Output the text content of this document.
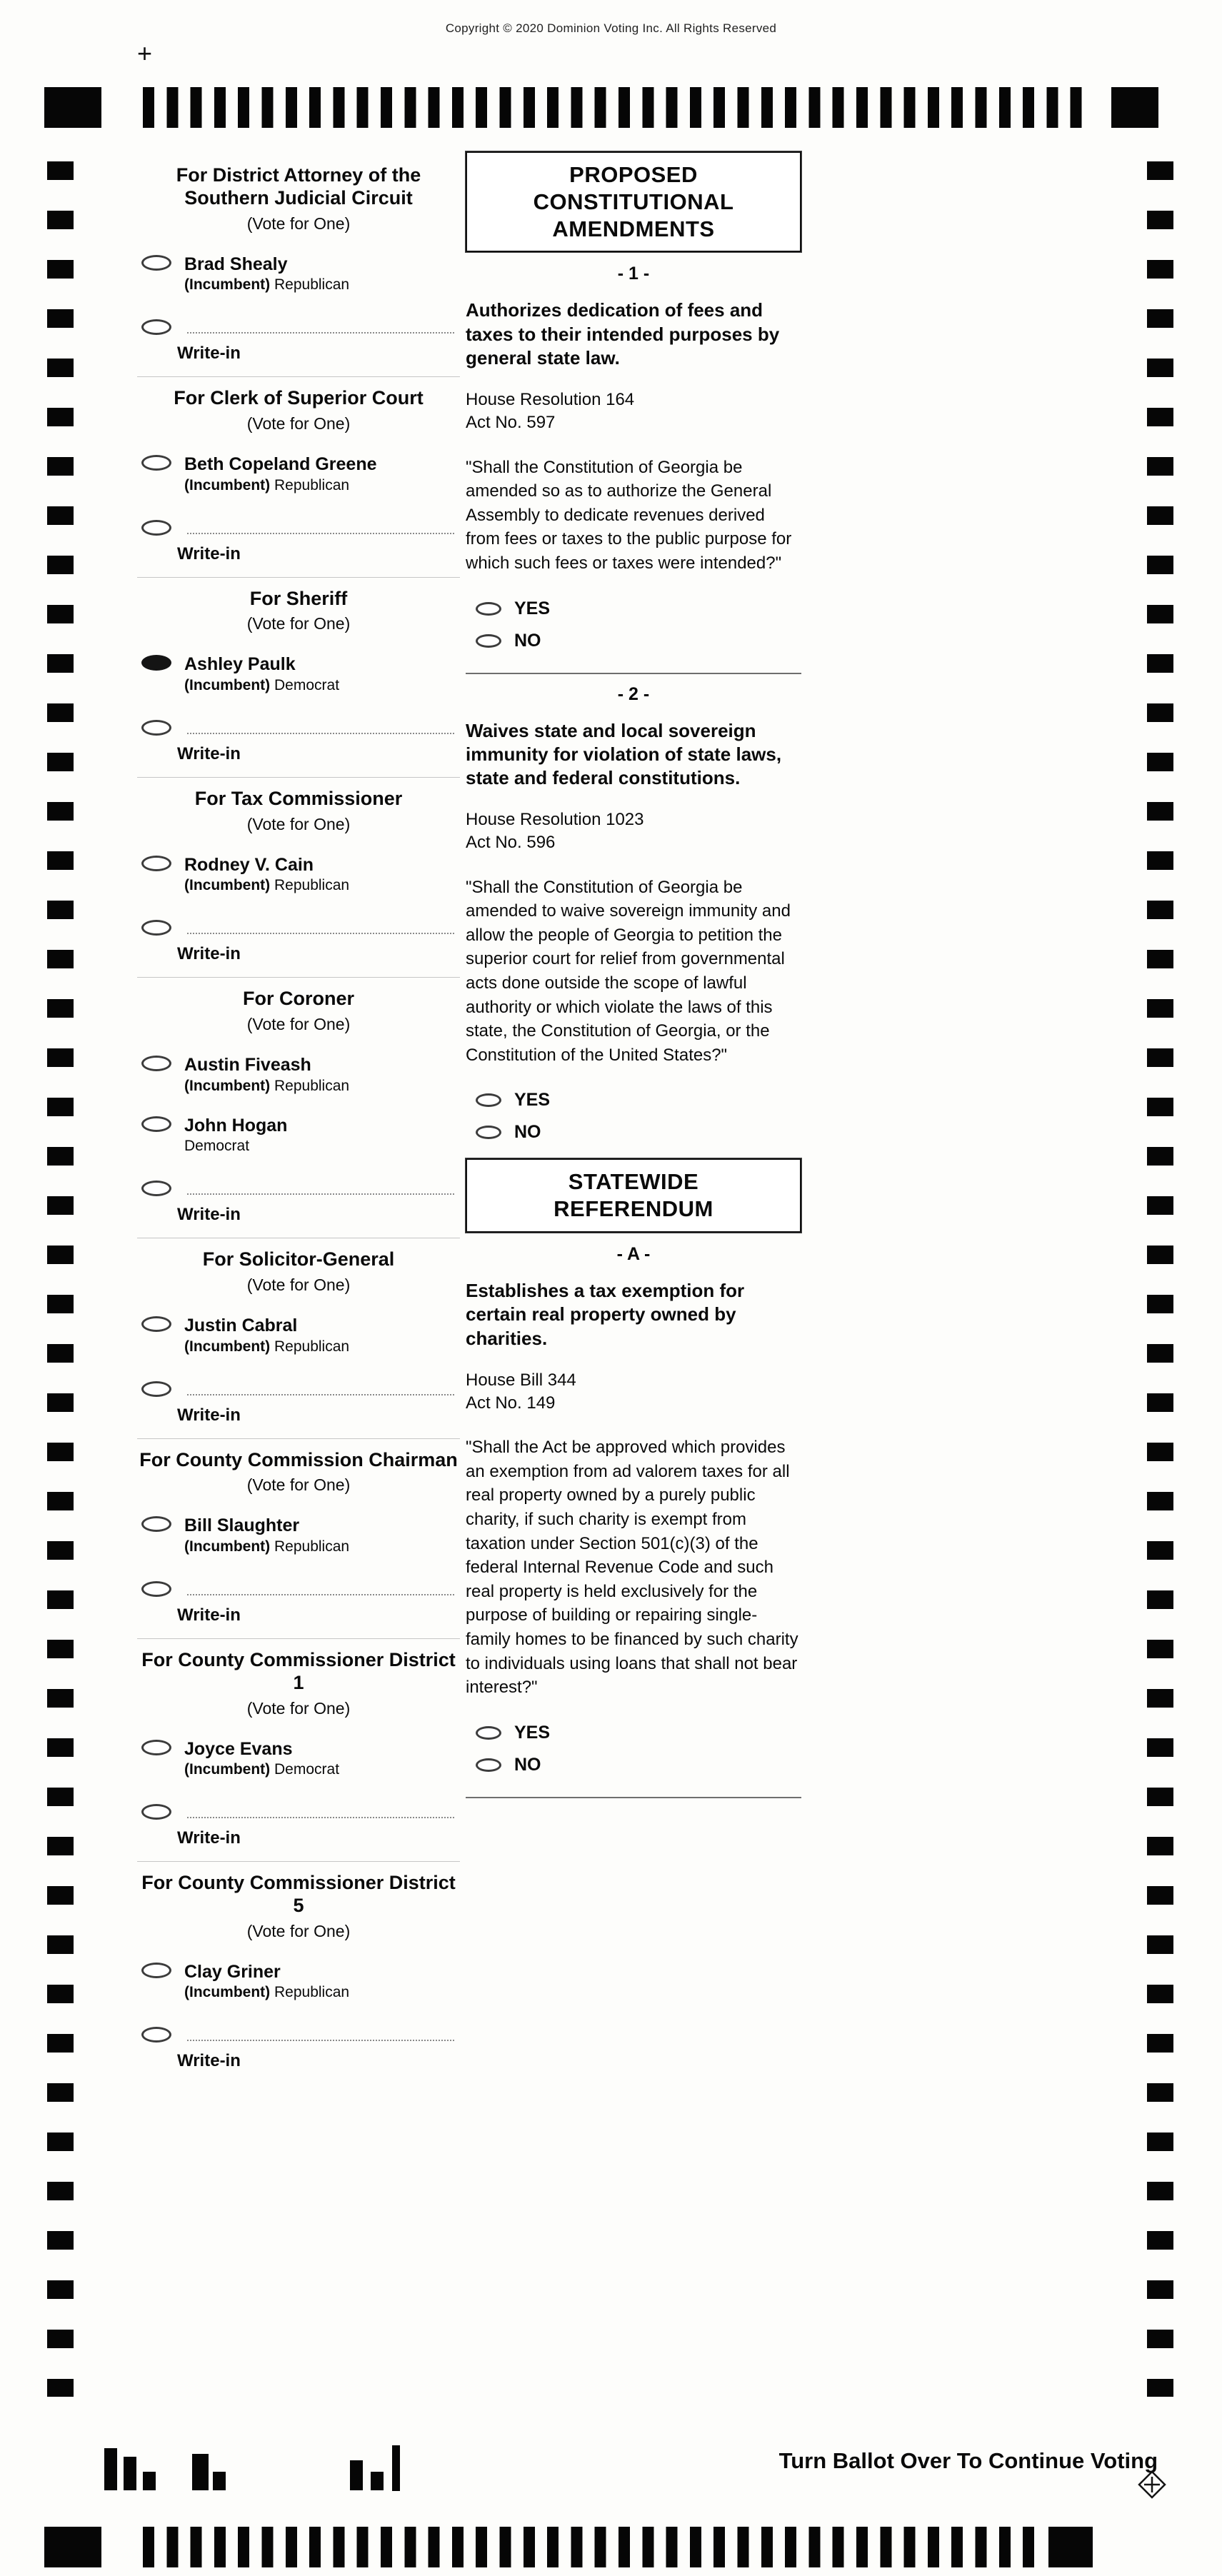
Copyright © 2020 Dominion Voting Inc. All Rights Reserved
+
For District Attorney of the Southern Judicial Circuit
(Vote for One)
Brad Shealy
(Incumbent) Republican
Write-in
For Clerk of Superior Court
(Vote for One)
Beth Copeland Greene
(Incumbent) Republican
Write-in
For Sheriff
(Vote for One)
Ashley Paulk
(Incumbent) Democrat
Write-in
For Tax Commissioner
(Vote for One)
Rodney V. Cain
(Incumbent) Republican
Write-in
For Coroner
(Vote for One)
Austin Fiveash
(Incumbent) Republican
John Hogan
Democrat
Write-in
For Solicitor-General
(Vote for One)
Justin Cabral
(Incumbent) Republican
Write-in
For County Commission Chairman
(Vote for One)
Bill Slaughter
(Incumbent) Republican
Write-in
For County Commissioner District 1
(Vote for One)
Joyce Evans
(Incumbent) Democrat
Write-in
For County Commissioner District 5
(Vote for One)
Clay Griner
(Incumbent) Republican
Write-in
PROPOSED
CONSTITUTIONAL
AMENDMENTS
- 1 -

Authorizes dedication of fees and taxes to their intended purposes by general state law.

House Resolution 164
Act No. 597

"Shall the Constitution of Georgia be amended so as to authorize the General Assembly to dedicate revenues derived from fees or taxes to the public purpose for which such fees or taxes were intended?"

YES
NO
- 2 -

Waives state and local sovereign immunity for violation of state laws, state and federal constitutions.

House Resolution 1023
Act No. 596

"Shall the Constitution of Georgia be amended to waive sovereign immunity and allow the people of Georgia to petition the superior court for relief from governmental acts done outside the scope of lawful authority or which violate the laws of this state, the Constitution of Georgia, or the Constitution of the United States?"

YES
NO
STATEWIDE
REFERENDUM
- A -

Establishes a tax exemption for certain real property owned by charities.

House Bill 344
Act No. 149

"Shall the Act be approved which provides an exemption from ad valorem taxes for all real property owned by a purely public charity, if such charity is exempt from taxation under Section 501(c)(3) of the federal Internal Revenue Code and such real property is held exclusively for the purpose of building or repairing single-family homes to be financed by such charity to individuals using loans that shall not bear interest?"

YES
NO
Turn Ballot Over To Continue Voting
